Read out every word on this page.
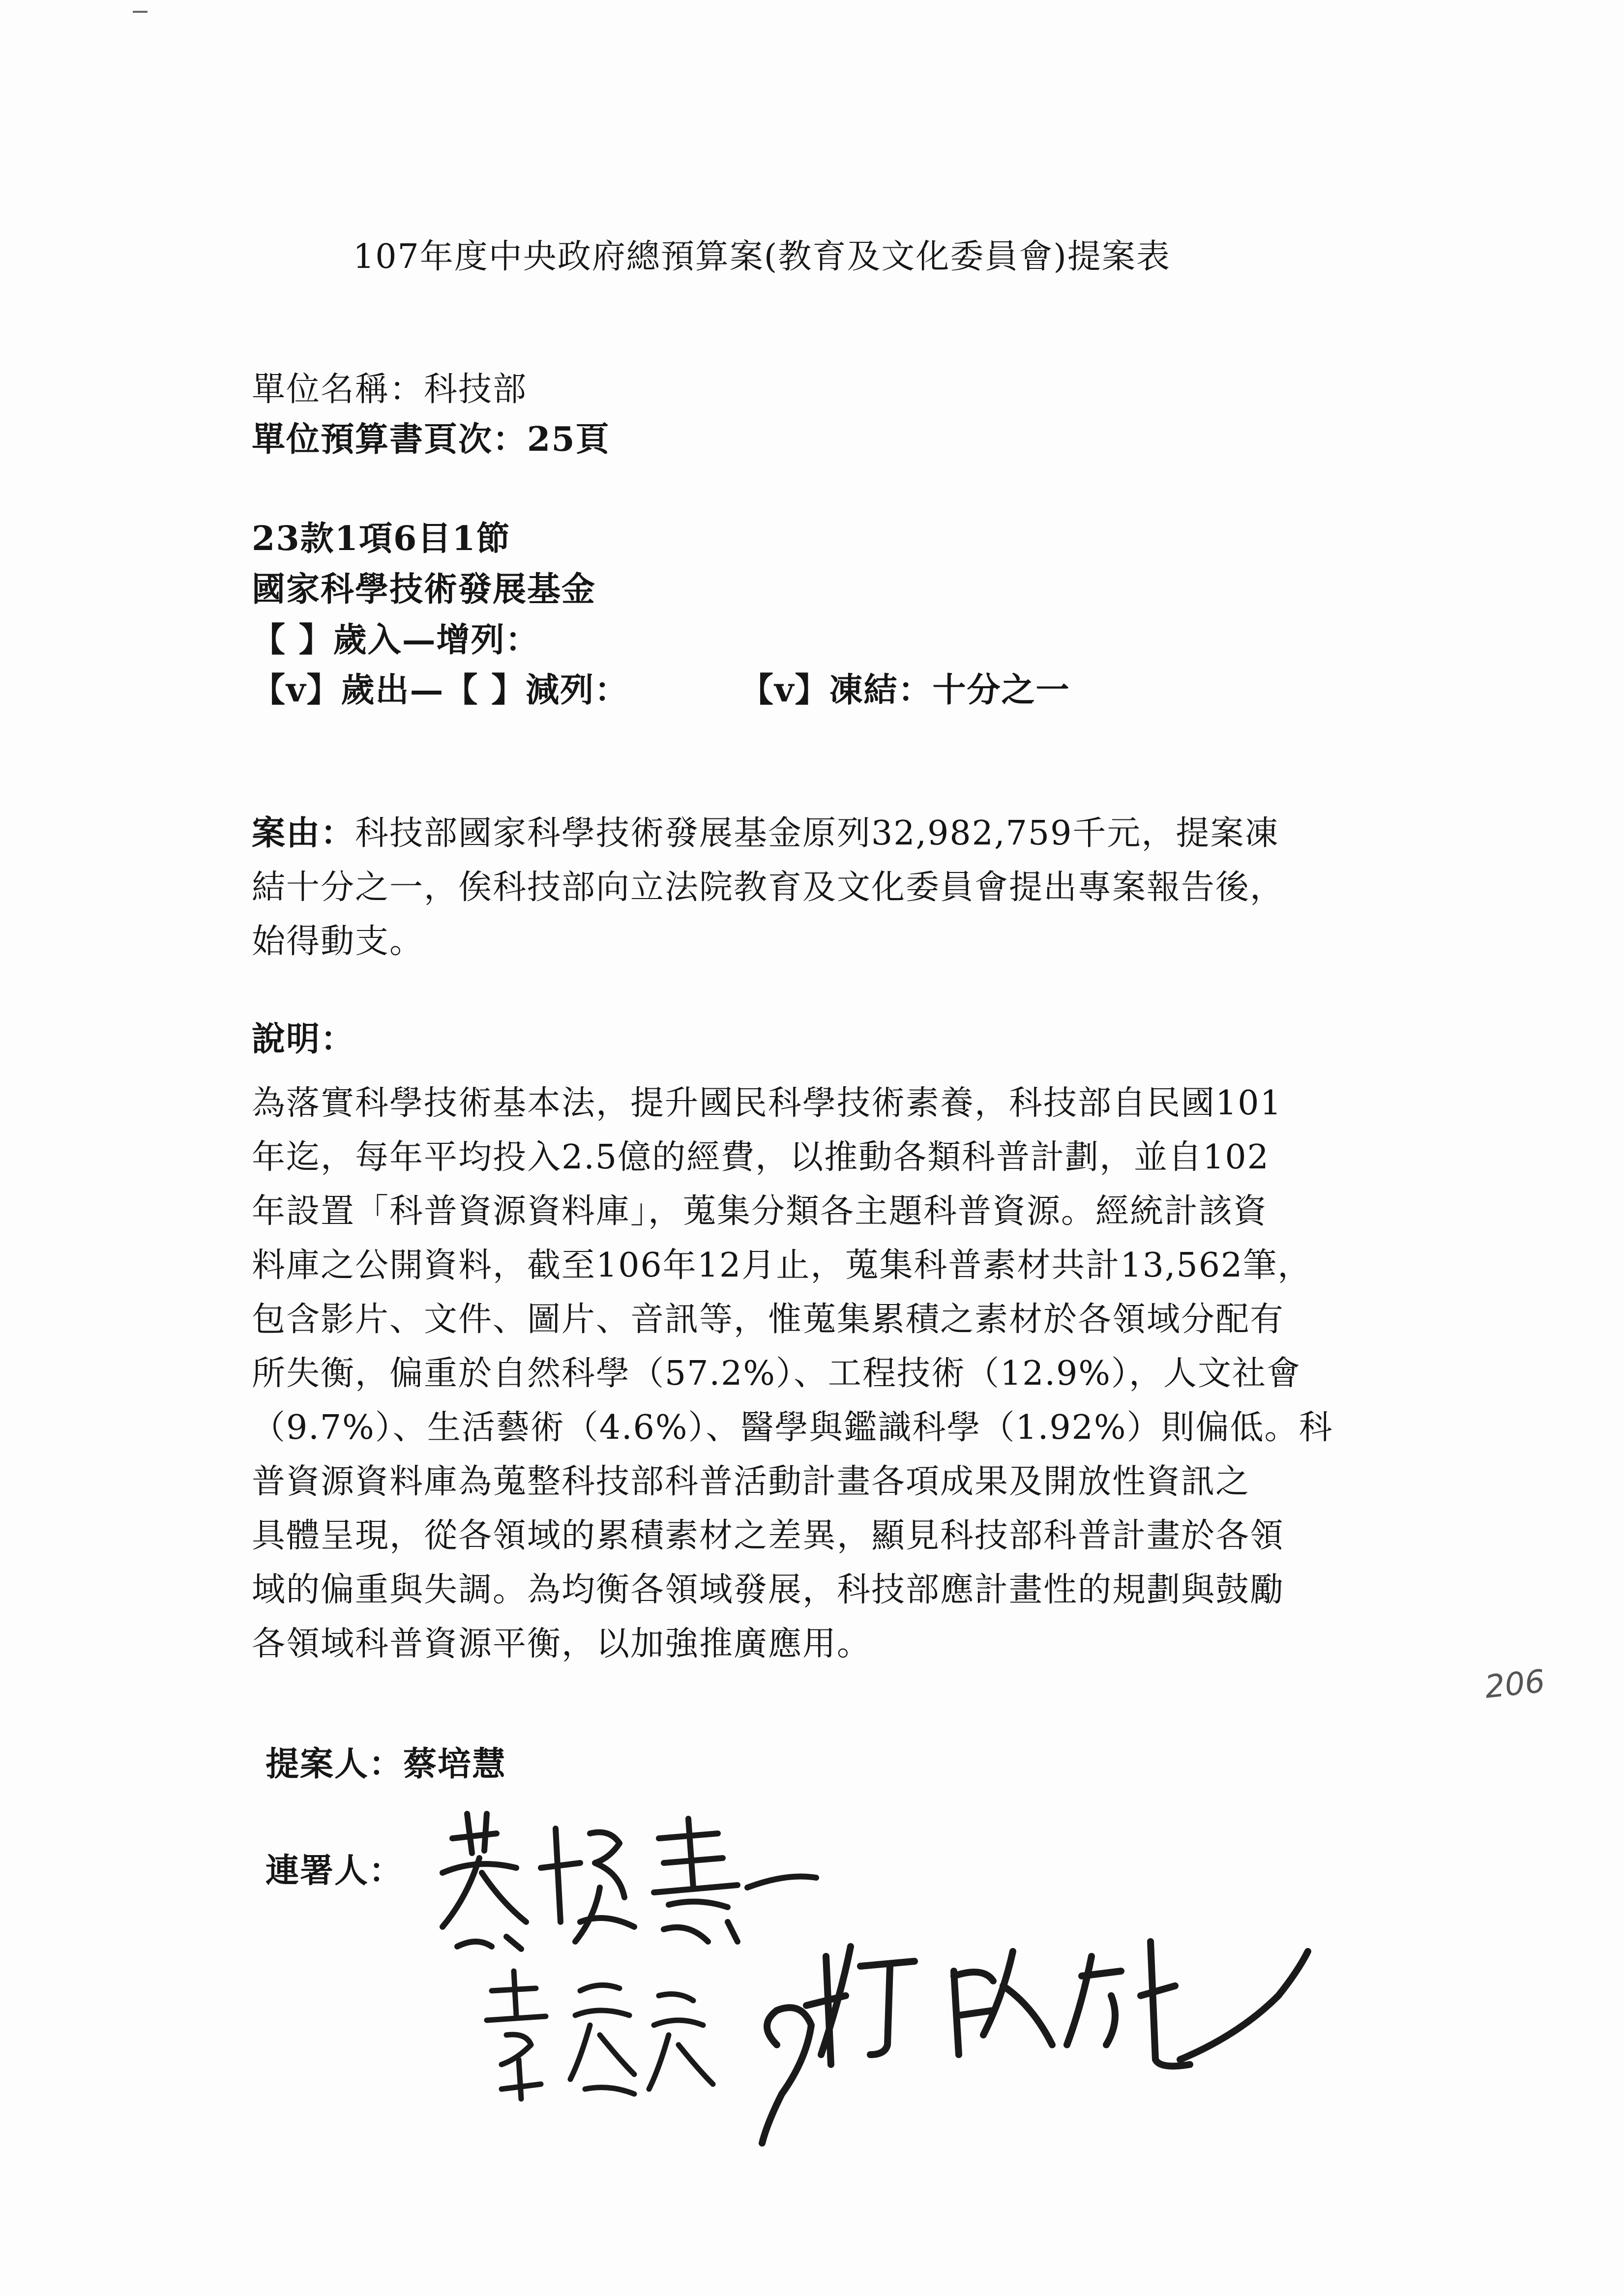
107年度中央政府總預算案(教育及文化委員會)提案表
單位名稱：科技部
單位預算書頁次：25頁
23款1項6目1節
國家科學技術發展基金
【 】歲入—增列：
【v】歲出—【 】減列：	【v】凍結：十分之一

案由：科技部國家科學技術發展基金原列32,982,759千元，提案凍

結十分之一，俟科技部向立法院教育及文化委員會提出專案報告後，

始得動支。

說明：

為落實科學技術基本法，提升國民科學技術素養，科技部自民國101

年迄，每年平均投入2.5億的經費，以推動各類科普計劃，並自102

年設置「科普資源資料庫」，蒐集分類各主題科普資源。經統計該資

料庫之公開資料，截至106年12月止，蒐集科普素材共計13,562筆，

包含影片、文件、圖片、音訊等，惟蒐集累積之素材於各領域分配有

所失衡，偏重於自然科學（57.2%）、工程技術（12.9%），人文社會

（9.7%）、生活藝術（4.6%）、醫學與鑑識科學（1.92%）則偏低。科

普資源資料庫為蒐整科技部科普活動計畫各項成果及開放性資訊之

具體呈現，從各領域的累積素材之差異，顯見科技部科普計畫於各領

域的偏重與失調。為均衡各領域發展，科技部應計畫性的規劃與鼓勵

各領域科普資源平衡，以加強推廣應用。

提案人：蔡培慧
連署人：
206
